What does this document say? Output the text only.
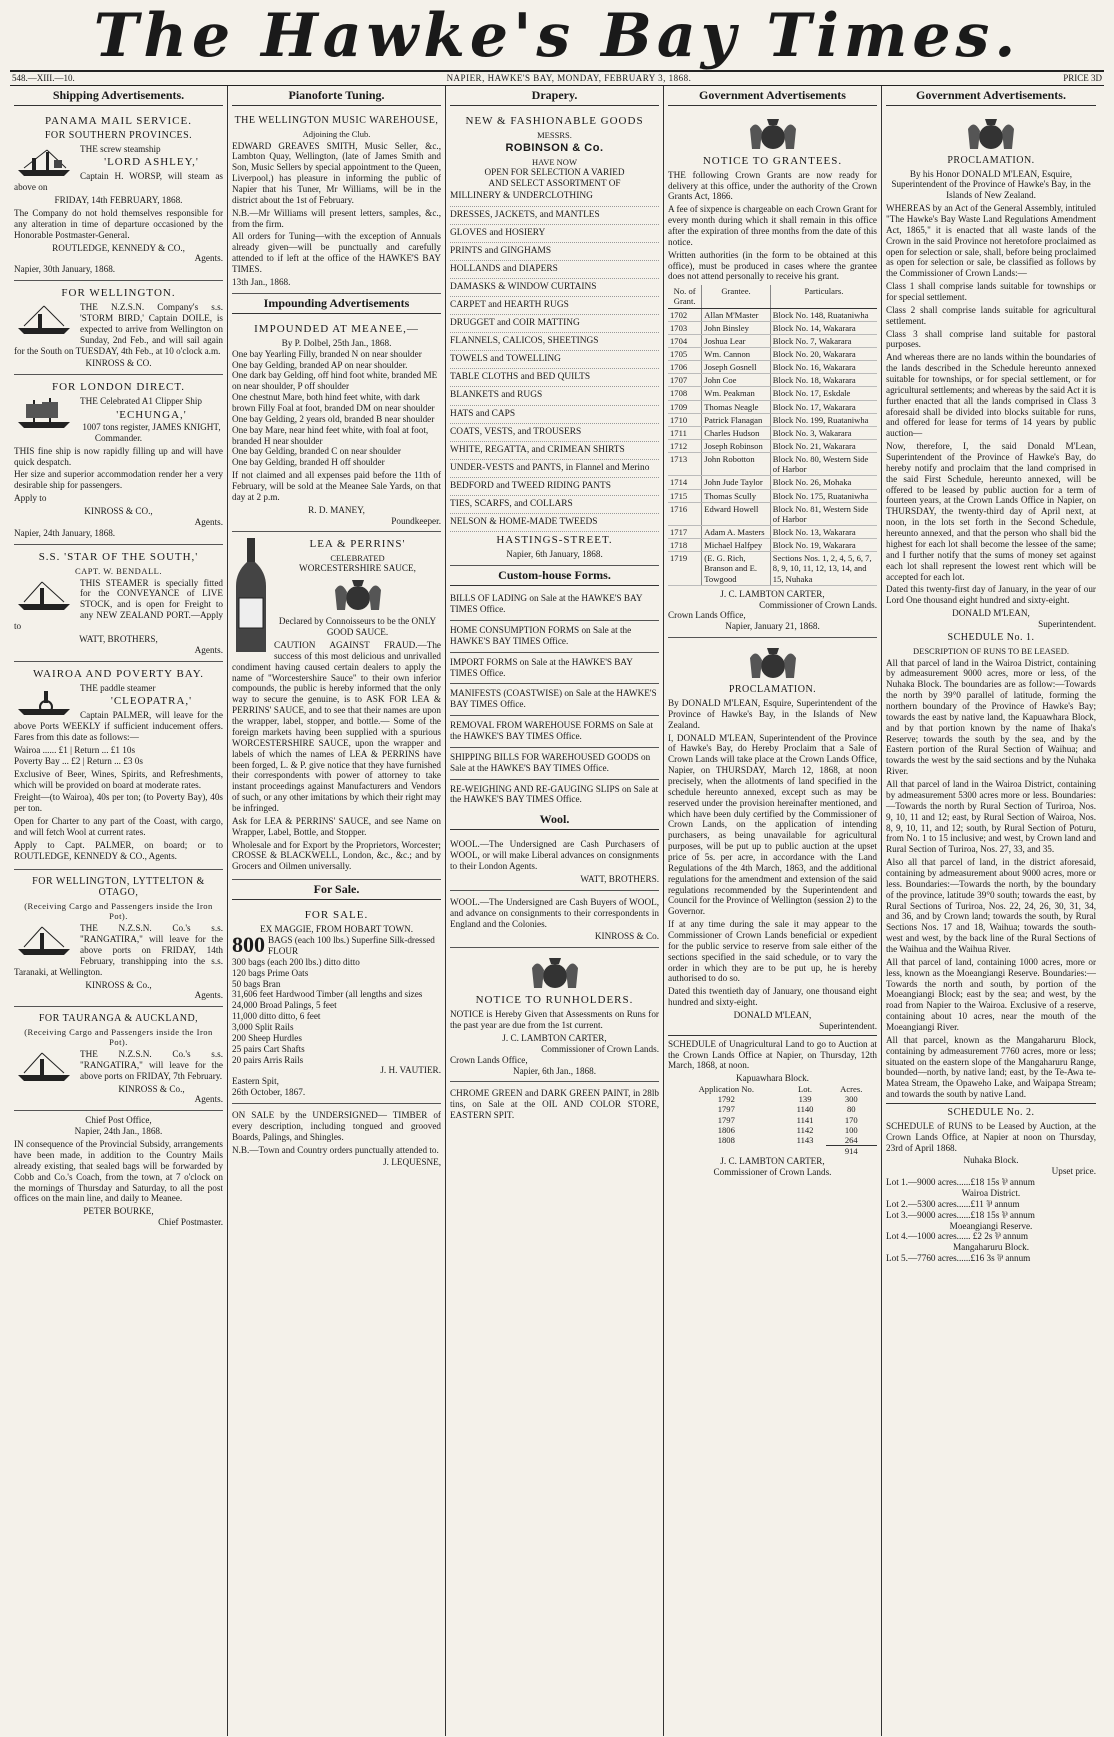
The Hawke's Bay Times.
548.—XIII.—10.	NAPIER, HAWKE'S BAY, MONDAY, FEBRUARY 3, 1868.	PRICE 3D
Shipping Advertisements.
PANAMA MAIL SERVICE.
FOR SOUTHERN PROVINCES.

THE screw steamship

'LORD ASHLEY,'

Captain H. WORSP, will steam as above on

FRIDAY, 14th FEBRUARY, 1868.

The Company do not hold themselves responsible for any alteration in time of departure occasioned by the Honorable Postmaster-General.

ROUTLEDGE, KENNEDY & CO.,
Agents.
Napier, 30th January, 1868.
FOR WELLINGTON.

THE N.Z.S.N. Company's s.s. 'STORM BIRD,' Captain DOILE, is expected to arrive from Wellington on Sunday, 2nd Feb., and will sail again for the South on TUESDAY, 4th Feb., at 10 o'clock a.m.

KINROSS & CO.
FOR LONDON DIRECT.

THE Celebrated A1 Clipper Ship

'ECHUNGA,'
1007 tons register, JAMES KNIGHT, Commander.

THIS fine ship is now rapidly filling up and will have quick despatch.

Her size and superior accommodation render her a very desirable ship for passengers.

Apply to

KINROSS & CO.,
Agents.
Napier, 24th January, 1868.
S.S. 'STAR OF THE SOUTH,'
CAPT. W. BENDALL.

THIS STEAMER is specially fitted for the CONVEYANCE of LIVE STOCK, and is open for Freight to any NEW ZEALAND PORT.—Apply to

WATT, BROTHERS,
Agents.
WAIROA AND POVERTY BAY.

THE paddle steamer

'CLEOPATRA,'

Captain PALMER, will leave for the above Ports WEEKLY if sufficient inducement offers. Fares from this date as follows:—

Wairoa ...... £1 | Return ... £1 10s
Poverty Bay ... £2 | Return ... £3 0s

Exclusive of Beer, Wines, Spirits, and Refreshments, which will be provided on board at moderate rates.

Freight—(to Wairoa), 40s per ton; (to Poverty Bay), 40s per ton.

Open for Charter to any part of the Coast, with cargo, and will fetch Wool at current rates.

Apply to Capt. PALMER, on board; or to ROUTLEDGE, KENNEDY & CO., Agents.

FOR WELLINGTON, LYTTELTON & OTAGO,
(Receiving Cargo and Passengers inside the Iron Pot).

THE N.Z.S.N. Co.'s s.s. "RANGATIRA," will leave for the above ports on FRIDAY, 14th February, transhipping into the s.s. Taranaki, at Wellington.

KINROSS & Co.,
Agents.
FOR TAURANGA & AUCKLAND,
(Receiving Cargo and Passengers inside the Iron Pot).

THE N.Z.S.N. Co.'s s.s. "RANGATIRA," will leave for the above ports on FRIDAY, 7th February.

KINROSS & Co.,
Agents.
Chief Post Office,
Napier, 24th Jan., 1868.

IN consequence of the Provincial Subsidy, arrangements have been made, in addition to the Country Mails already existing, that sealed bags will be forwarded by Cobb and Co.'s Coach, from the town, at 7 o'clock on the mornings of Thursday and Saturday, to all the post offices on the main line, and daily to Meanee.

PETER BOURKE,
Chief Postmaster.
Pianoforte Tuning.
THE WELLINGTON MUSIC WAREHOUSE,
Adjoining the Club.

EDWARD GREAVES SMITH, Music Seller, &c., Lambton Quay, Wellington, (late of James Smith and Son, Music Sellers by special appointment to the Queen, Liverpool,) has pleasure in informing the public of Napier that his Tuner, Mr Williams, will be in the district about the 1st of February.

N.B.—Mr Williams will present letters, samples, &c., from the firm.

All orders for Tuning—with the exception of Annuals already given—will be punctually and carefully attended to if left at the office of the HAWKE'S BAY TIMES.

13th Jan., 1868.
Impounding Advertisements
IMPOUNDED AT MEANEE,—
By P. Dolbel, 25th Jan., 1868.
One bay Yearling Filly, branded N on near shoulder
One bay Gelding, branded AP on near shoulder.
One dark bay Gelding, off hind foot white, branded ME on near shoulder, P off shoulder
One chestnut Mare, both hind feet white, with dark brown Filly Foal at foot, branded DM on near shoulder
One bay Gelding, 2 years old, branded B near shoulder
One bay Mare, near hind feet white, with foal at foot, branded H near shoulder
One bay Gelding, branded C on near shoulder
One bay Gelding, branded H off shoulder

If not claimed and all expenses paid before the 11th of February, will be sold at the Meanee Sale Yards, on that day at 2 p.m.

R. D. MANEY,
Poundkeeper.
LEA & PERRINS'
CELEBRATED
WORCESTERSHIRE SAUCE,

Declared by Connoisseurs to be the ONLY GOOD SAUCE.

CAUTION AGAINST FRAUD.—The success of this most delicious and unrivalled condiment having caused certain dealers to apply the name of "Worcestershire Sauce" to their own inferior compounds, the public is hereby informed that the only way to secure the genuine, is to ASK FOR LEA & PERRINS' SAUCE, and to see that their names are upon the wrapper, label, stopper, and bottle.— Some of the foreign markets having been supplied with a spurious WORCESTERSHIRE SAUCE, upon the wrapper and labels of which the names of LEA & PERRINS have been forged, L. & P. give notice that they have furnished their correspondents with power of attorney to take instant proceedings against Manufacturers and Vendors of such, or any other imitations by which their right may be infringed.

Ask for LEA & PERRINS' SAUCE, and see Name on Wrapper, Label, Bottle, and Stopper.

Wholesale and for Export by the Proprietors, Worcester; CROSSE & BLACKWELL, London, &c., &c.; and by Grocers and Oilmen universally.

For Sale.
FOR SALE.
EX MAGGIE, FROM HOBART TOWN.
800 BAGS (each 100 lbs.) Superfine Silk-dressed FLOUR
300 bags (each 200 lbs.) ditto ditto
120 bags Prime Oats
50 bags Bran
31,606 feet Hardwood Timber (all lengths and sizes
24,000 Broad Palings, 5 feet
11,000 ditto ditto, 6 feet
3,000 Split Rails
200 Sheep Hurdles
25 pairs Cart Shafts
20 pairs Arris Rails
J. H. VAUTIER.
Eastern Spit,
26th October, 1867.

ON SALE by the UNDERSIGNED— TIMBER of every description, including tongued and grooved Boards, Palings, and Shingles.

N.B.—Town and Country orders punctually attended to.

J. LEQUESNE,
Drapery.
NEW & FASHIONABLE GOODS
MESSRS.
ROBINSON & Co.
HAVE NOW
OPEN FOR SELECTION A VARIED
AND SELECT ASSORTMENT OF
MILLINERY & UNDERCLOTHING
DRESSES, JACKETS, and MANTLES
GLOVES and HOSIERY
PRINTS and GINGHAMS
HOLLANDS and DIAPERS
DAMASKS & WINDOW CURTAINS
CARPET and HEARTH RUGS
DRUGGET and COIR MATTING
FLANNELS, CALICOS, SHEETINGS
TOWELS and TOWELLING
TABLE CLOTHS and BED QUILTS
BLANKETS and RUGS
HATS and CAPS
COATS, VESTS, and TROUSERS
WHITE, REGATTA, and CRIMEAN SHIRTS
UNDER-VESTS and PANTS, in Flannel and Merino
BEDFORD and TWEED RIDING PANTS
TIES, SCARFS, and COLLARS
NELSON & HOME-MADE TWEEDS
HASTINGS-STREET.
Napier, 6th January, 1868.
Custom-house Forms.
BILLS OF LADING on Sale at the HAWKE'S BAY TIMES Office.
HOME CONSUMPTION FORMS on Sale at the HAWKE'S BAY TIMES Office.
IMPORT FORMS on Sale at the HAWKE'S BAY TIMES Office.
MANIFESTS (COASTWISE) on Sale at the HAWKE'S BAY TIMES Office.
REMOVAL FROM WAREHOUSE FORMS on Sale at the HAWKE'S BAY TIMES Office.
SHIPPING BILLS FOR WAREHOUSED GOODS on Sale at the HAWKE'S BAY TIMES Office.
RE-WEIGHING AND RE-GAUGING SLIPS on Sale at the HAWKE'S BAY TIMES Office.
Wool.

WOOL.—The Undersigned are Cash Purchasers of WOOL, or will make Liberal advances on consignments to their London Agents.

WATT, BROTHERS.

WOOL.—The Undersigned are Cash Buyers of WOOL, and advance on consignments to their correspondents in England and the Colonies.

KINROSS & Co.
NOTICE TO RUNHOLDERS.

NOTICE is Hereby Given that Assessments on Runs for the past year are due from the 1st current.

J. C. LAMBTON CARTER,
Commissioner of Crown Lands.
Crown Lands Office,
Napier, 6th Jan., 1868.

CHROME GREEN and DARK GREEN PAINT, in 28lb tins, on Sale at the OIL AND COLOR STORE, EASTERN SPIT.

Government Advertisements
NOTICE TO GRANTEES.

THE following Crown Grants are now ready for delivery at this office, under the authority of the Crown Grants Act, 1866.

A fee of sixpence is chargeable on each Crown Grant for every month during which it shall remain in this office after the expiration of three months from the date of this notice.

Written authorities (in the form to be obtained at this office), must be produced in cases where the grantee does not attend personally to receive his grant.

No. of Grant.	Grantee.	Particulars.
1702	Allan M'Master	Block No. 148, Ruataniwha
1703	John Binsley	Block No. 14, Wakarara
1704	Joshua Lear	Block No. 7, Wakarara
1705	Wm. Cannon	Block No. 20, Wakarara
1706	Joseph Gosnell	Block No. 16, Wakarara
1707	John Coe	Block No. 18, Wakarara
1708	Wm. Peakman	Block No. 17, Eskdale
1709	Thomas Neagle	Block No. 17, Wakarara
1710	Patrick Flanagan	Block No. 199, Ruataniwha
1711	Charles Hudson	Block No. 3, Wakarara
1712	Joseph Robinson	Block No. 21, Wakarara
1713	John Robotton	Block No. 80, Western Side of Harbor
1714	John Jude Taylor	Block No. 26, Mohaka
1715	Thomas Scully	Block No. 175, Ruataniwha
1716	Edward Howell	Block No. 81, Western Side of Harbor
1717	Adam A. Masters	Block No. 13, Wakarara
1718	Michael Halfpey	Block No. 19, Wakarara
1719	(E. G. Rich, Branson and E. Towgood	Sections Nos. 1, 2, 4, 5, 6, 7, 8, 9, 10, 11, 12, 13, 14, and 15, Nuhaka
J. C. LAMBTON CARTER,
Commissioner of Crown Lands.
Crown Lands Office,
Napier, January 21, 1868.
PROCLAMATION.

By DONALD M'LEAN, Esquire, Superintendent of the Province of Hawke's Bay, in the Islands of New Zealand.

I, DONALD M'LEAN, Superintendent of the Province of Hawke's Bay, do Hereby Proclaim that a Sale of Crown Lands will take place at the Crown Lands Office, Napier, on THURSDAY, March 12, 1868, at noon precisely, when the allotments of land specified in the schedule hereunto annexed, except such as may be reserved under the provision hereinafter mentioned, and which have been duly certified by the Commissioner of Crown Lands, on the application of intending purchasers, as being unavailable for agricultural purposes, will be put up to public auction at the upset price of 5s. per acre, in accordance with the Land Regulations of the 4th March, 1863, and the additional regulations for the amendment and extension of the said regulations recommended by the Superintendent and Council for the Province of Wellington (session 2) to the Governor.

If at any time during the sale it may appear to the Commissioner of Crown Lands beneficial or expedient for the public service to reserve from sale either of the sections specified in the said schedule, or to vary the order in which they are to be put up, he is hereby authorised to do so.

Dated this twentieth day of January, one thousand eight hundred and sixty-eight.

DONALD M'LEAN,
Superintendent.

SCHEDULE of Unagricultural Land to go to Auction at the Crown Lands Office at Napier, on Thursday, 12th March, 1868, at noon.

Kapuawhara Block.
Application No.	Lot.	Acres.
1792	139	300
1797	1140	80
1797	1141	170
1806	1142	100
1808	1143	264
		914
J. C. LAMBTON CARTER,
Commissioner of Crown Lands.
Government Advertisements.
PROCLAMATION.

By his Honor DONALD M'LEAN, Esquire, Superintendent of the Province of Hawke's Bay, in the Islands of New Zealand.

WHEREAS by an Act of the General Assembly, intituled "The Hawke's Bay Waste Land Regulations Amendment Act, 1865," it is enacted that all waste lands of the Crown in the said Province not heretofore proclaimed as open for selection or sale, shall, before being proclaimed as open for selection or sale, be classified as follows by the Commissioner of Crown Lands:—

Class 1 shall comprise lands suitable for townships or for special settlement.

Class 2 shall comprise lands suitable for agricultural settlement.

Class 3 shall comprise land suitable for pastoral purposes.

And whereas there are no lands within the boundaries of the lands described in the Schedule hereunto annexed suitable for townships, or for special settlement, or for agricultural settlements; and whereas by the said Act it is further enacted that all the lands comprised in Class 3 aforesaid shall be divided into blocks suitable for runs, and offered for lease for terms of 14 years by public auction—

Now, therefore, I, the said Donald M'Lean, Superintendent of the Province of Hawke's Bay, do hereby notify and proclaim that the land comprised in the said First Schedule, hereunto annexed, will be offered to be leased by public auction for a term of fourteen years, at the Crown Lands Office in Napier, on THURSDAY, the twenty-third day of April next, at noon, in the lots set forth in the Second Schedule, hereunto annexed, and that the person who shall bid the highest for each lot shall become the lessee of the same; and I further notify that the sums of money set against each lot shall represent the lowest rent which will be accepted for each lot.

Dated this twenty-first day of January, in the year of our Lord One thousand eight hundred and sixty-eight.

DONALD M'LEAN,
Superintendent.
SCHEDULE No. 1.
DESCRIPTION OF RUNS TO BE LEASED.

All that parcel of land in the Wairoa District, containing by admeasurement 9000 acres, more or less, of the Nuhaka Block. The boundaries are as follow:—Towards the north by 39°0 parallel of latitude, forming the northern boundary of the Province of Hawke's Bay; towards the east by native land, the Kapuawhara Block, and by that portion known by the name of Ihaka's Reserve; towards the south by the sea, and by the Eastern portion of the Rural Section of Waihua; and towards the west by the said sections and by the Nuhaka River.

All that parcel of land in the Wairoa District, containing by admeasurement 5300 acres more or less. Boundaries:—Towards the north by Rural Section of Turiroa, Nos. 9, 10, 11 and 12; east, by Rural Section of Wairoa, Nos. 8, 9, 10, 11, and 12; south, by Rural Section of Poturu, from No. 1 to 15 inclusive; and west, by Crown land and Rural Section of Turiroa, Nos. 27, 33, and 35.

Also all that parcel of land, in the district aforesaid, containing by admeasurement about 9000 acres, more or less. Boundaries:—Towards the north, by the boundary of the province, latitude 39°0 south; towards the east, by Rural Sections of Turiroa, Nos. 22, 24, 26, 30, 31, 34, and 36, and by Crown land; towards the south, by Rural Sections Nos. 17 and 18, Waihua; towards the south-west and west, by the back line of the Rural Sections of the Waihua and the Waihua River.

All that parcel of land, containing 1000 acres, more or less, known as the Moeangiangi Reserve. Boundaries:—Towards the north and south, by portion of the Moeangiangi Block; east by the sea; and west, by the road from Napier to the Wairoa. Exclusive of a reserve, containing about 10 acres, near the mouth of the Moeangiangi River.

All that parcel, known as the Mangaharuru Block, containing by admeasurement 7760 acres, more or less; situated on the eastern slope of the Mangaharuru Range, bounded—north, by native land; east, by the Te-Awa te-Matea Stream, the Opaweho Lake, and Waipapa Stream; and towards the south by native Land.

SCHEDULE No. 2.

SCHEDULE of RUNS to be Leased by Auction, at the Crown Lands Office, at Napier at noon on Thursday, 23rd of April 1868.

Nuhaka Block.
Upset price.
Lot 1.—9000 acres......£18 15s ⅌ annum
Wairoa District.
Lot 2.—5300 acres......£11 ⅌ annum
Lot 3.—9000 acres......£18 15s ⅌ annum
Moeangiangi Reserve.
Lot 4.—1000 acres...... £2 2s ⅌ annum
Mangaharuru Block.
Lot 5.—7760 acres......£16 3s ⅌ annum
